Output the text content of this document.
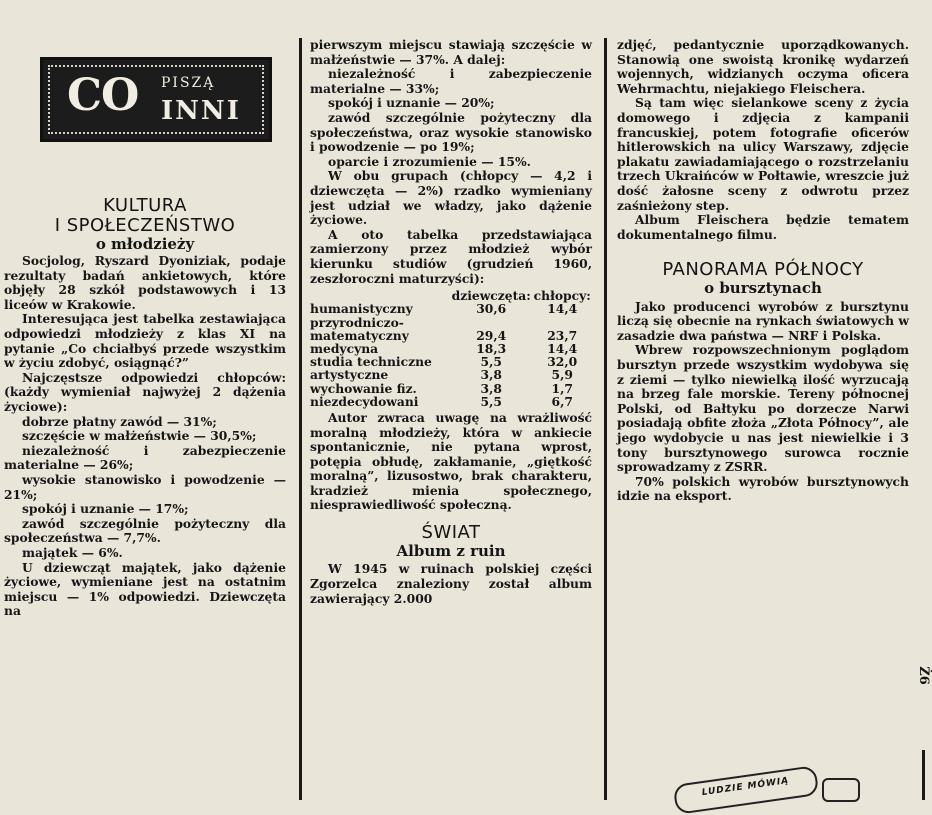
CO PISZĄ
INNI

KULTURA

I SPOŁECZEŃSTWO

o młodzieży

Socjolog, Ryszard Dyoniziak, podaje rezultaty badań ankietowych, które objęły 28 szkół podstawowych i 13 liceów w Krakowie.

Interesująca jest tabelka zestawiająca odpowiedzi młodzieży z klas XI na pytanie „Co chciałbyś przede wszystkim w życiu zdobyć, osiągnąć?”

Najczęstsze odpowiedzi chłopców: (każdy wymieniał najwyżej 2 dążenia życiowe):

dobrze płatny zawód — 31%;

szczęście w małżeństwie — 30,5%;

niezależność i zabezpieczenie materialne — 26%;

wysokie stanowisko i powodzenie — 21%;

spokój i uznanie — 17%;

zawód szczególnie pożyteczny dla społeczeństwa — 7,7%.

majątek — 6%.

U dziewcząt majątek, jako dążenie życiowe, wymieniane jest na ostatnim miejscu — 1% odpowiedzi. Dziewczęta na

pierwszym miejscu stawiają szczęście w małżeństwie — 37%. A dalej:

niezależność i zabezpieczenie materialne — 33%;

spokój i uznanie — 20%;

zawód szczególnie pożyteczny dla społeczeństwa, oraz wysokie stanowisko i powodzenie — po 19%;

oparcie i zrozumienie — 15%.

W obu grupach (chłopcy — 4,2 i dziewczęta — 2%) rzadko wymieniany jest udział we władzy, jako dążenie życiowe.

A oto tabelka przedstawiająca zamierzony przez młodzież wybór kierunku studiów (grudzień 1960, zeszłoroczni maturzyści):

	dziewczęta:	chłopcy:
humanistyczny	30,6	14,4
przyrodniczo-matematyczny	29,4	23,7
medycyna	18,3	14,4
studia techniczne	5,5	32,0
artystyczne	3,8	5,9
wychowanie fiz.	3,8	1,7
niezdecydowani	5,5	6,7

Autor zwraca uwagę na wrażliwość moralną młodzieży, która w ankiecie spontanicznie, nie pytana wprost, potępia obłudę, zakłamanie, „giętkość moralną”, lizusostwo, brak charakteru, kradzież mienia społecznego, niesprawiedliwość społeczną.

ŚWIAT

Album z ruin

W 1945 w ruinach polskiej części Zgorzelca znaleziony został album zawierający 2.000

zdjęć, pedantycznie uporządkowanych. Stanowią one swoistą kronikę wydarzeń wojennych, widzianych oczyma oficera Wehrmachtu, niejakiego Fleischera.

Są tam więc sielankowe sceny z życia domowego i zdjęcia z kampanii francuskiej, potem fotografie oficerów hitlerowskich na ulicy Warszawy, zdjęcie plakatu zawiadamiającego o rozstrzelaniu trzech Ukraińców w Połtawie, wreszcie już dość żałosne sceny z odwrotu przez zaśnieżony step.

Album Fleischera będzie tematem dokumentalnego filmu.

PANORAMA PÓŁNOCY

o bursztynach

Jako producenci wyrobów z bursztynu liczą się obecnie na rynkach światowych w zasadzie dwa państwa — NRF i Polska.

Wbrew rozpowszechnionym poglądom bursztyn przede wszystkim wydobywa się z ziemi — tylko niewielką ilość wyrzucają na brzeg fale morskie. Tereny północnej Polski, od Bałtyku po dorzecze Narwi posiadają obfite złoża „Złota Północy”, ale jego wydobycie u nas jest niewielkie i 3 tony bursztynowego surowca rocznie sprowadzamy z ZSRR.

70% polskich wyrobów bursztynowych idzie na eksport.

Ż6
LUDZIE MÓWIĄ
